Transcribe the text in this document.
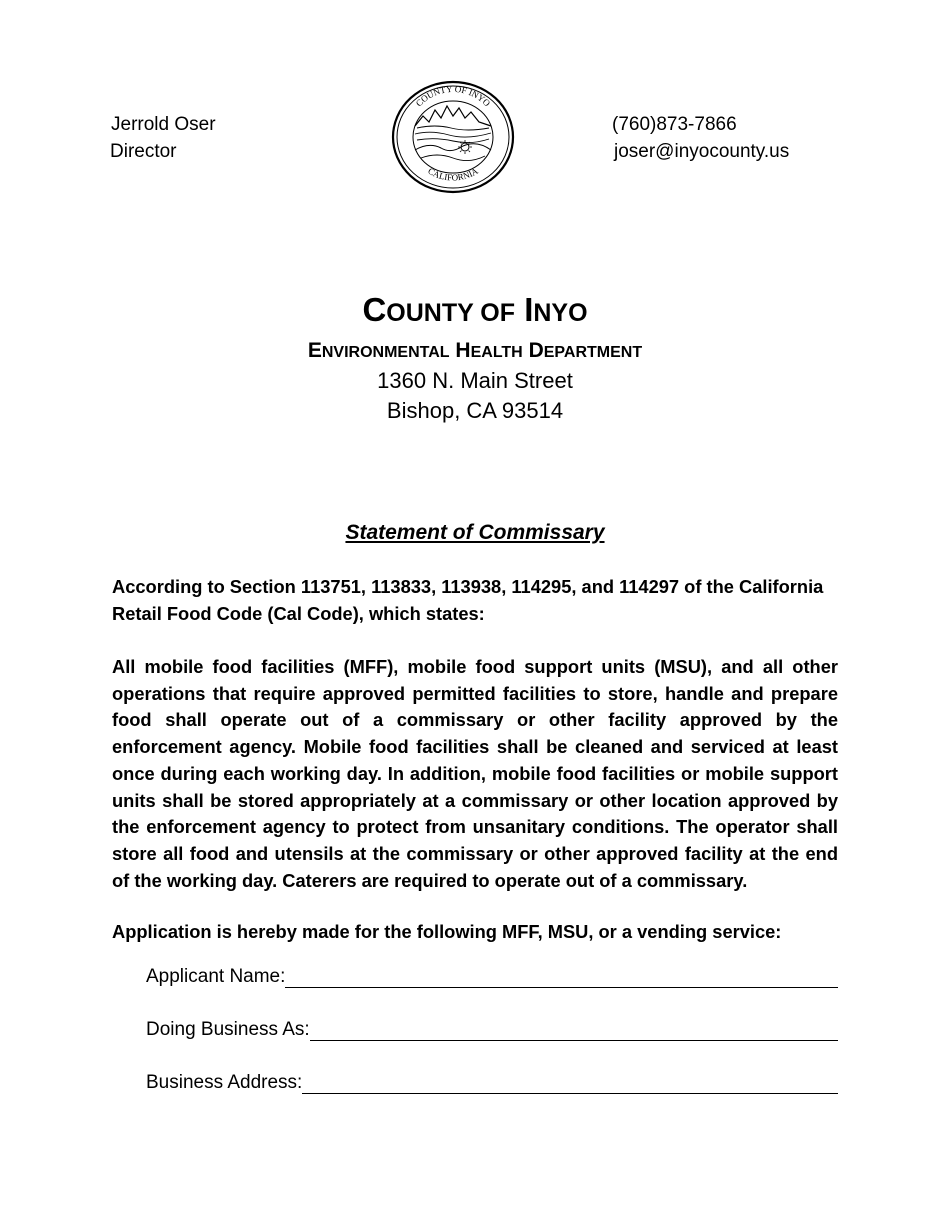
Jerrold Oser
Director
(760)873-7866
joser@inyocounty.us
COUNTY OF INYO
CALIFORNIA
COUNTY OF INYO
ENVIRONMENTAL HEALTH DEPARTMENT
1360 N. Main Street
Bishop, CA 93514
Statement of Commissary
According to Section 113751, 113833, 113938, 114295, and 114297 of the California Retail Food Code (Cal Code), which states:
All mobile food facilities (MFF), mobile food support units (MSU), and all other operations that require approved permitted facilities to store, handle and prepare food shall operate out of a commissary or other facility approved by the enforcement agency. Mobile food facilities shall be cleaned and serviced at least once during each working day. In addition, mobile food facilities or mobile support units shall be stored appropriately at a commissary or other location approved by the enforcement agency to protect from unsanitary conditions. The operator shall store all food and utensils at the commissary or other approved facility at the end of the working day. Caterers are required to operate out of a commissary.
Application is hereby made for the following MFF, MSU, or a vending service:
Applicant Name:
Doing Business As:
Business Address:
